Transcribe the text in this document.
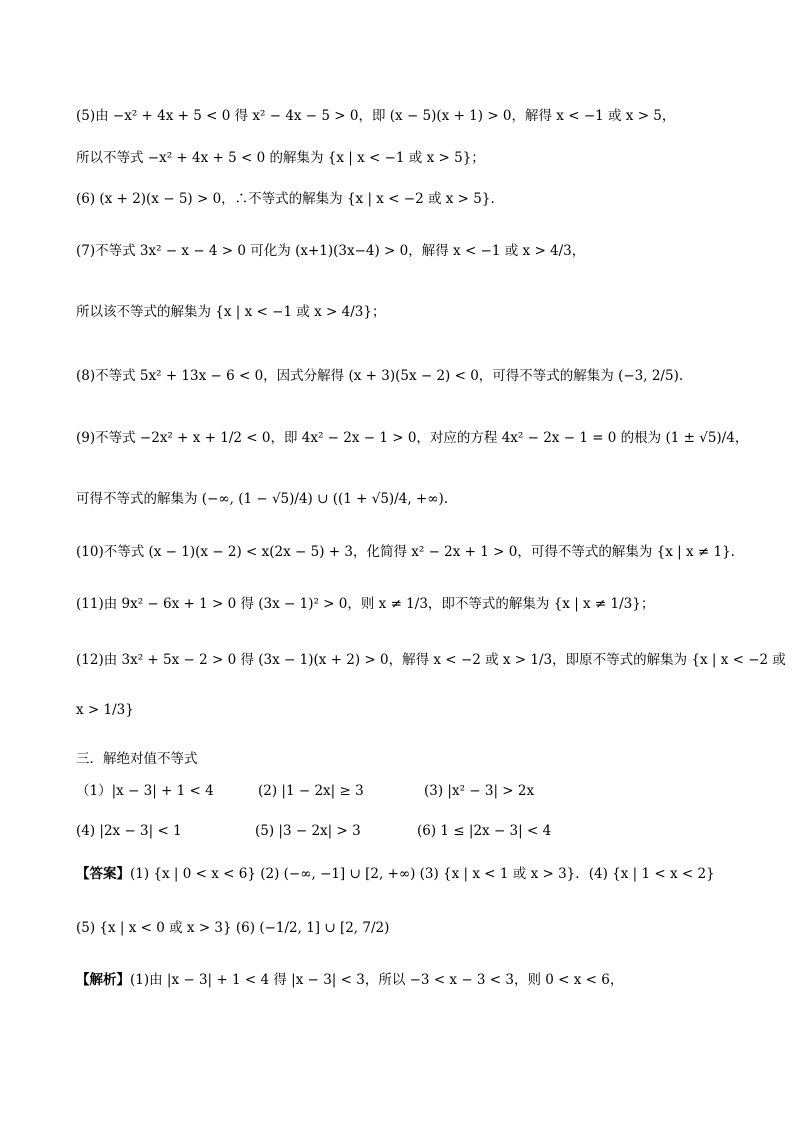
(5)由 −x² + 4x + 5 < 0 得 x² − 4x − 5 > 0，即 (x − 5)(x + 1) > 0，解得 x < −1 或 x > 5，
所以不等式 −x² + 4x + 5 < 0 的解集为 {x | x < −1 或 x > 5}；
(6) (x + 2)(x − 5) > 0，∴不等式的解集为 {x | x < −2 或 x > 5}.
(7)不等式 3x² − x − 4 > 0 可化为 (x+1)(3x−4) > 0，解得 x < −1 或 x > 4/3，
所以该不等式的解集为 {x | x < −1 或 x > 4/3}；
(8)不等式 5x² + 13x − 6 < 0，因式分解得 (x + 3)(5x − 2) < 0，可得不等式的解集为 (−3, 2/5).
(9)不等式 −2x² + x + 1/2 < 0，即 4x² − 2x − 1 > 0，对应的方程 4x² − 2x − 1 = 0 的根为 (1 ± √5)/4，
可得不等式的解集为 (−∞, (1 − √5)/4) ∪ ((1 + √5)/4, +∞).
(10)不等式 (x − 1)(x − 2) < x(2x − 5) + 3，化简得 x² − 2x + 1 > 0，可得不等式的解集为 {x | x ≠ 1}.
(11)由 9x² − 6x + 1 > 0 得 (3x − 1)² > 0，则 x ≠ 1/3，即不等式的解集为 {x | x ≠ 1/3}；
(12)由 3x² + 5x − 2 > 0 得 (3x − 1)(x + 2) > 0，解得 x < −2 或 x > 1/3，即原不等式的解集为 {x | x < −2 或
x > 1/3}
三．解绝对值不等式
（1）|x − 3| + 1 < 4	(2) |1 − 2x| ≥ 3	(3) |x² − 3| > 2x
(4) |2x − 3| < 1	(5) |3 − 2x| > 3	(6) 1 ≤ |2x − 3| < 4
【答案】(1) {x | 0 < x < 6} (2) (−∞, −1] ∪ [2, +∞) (3) {x | x < 1 或 x > 3}．(4) {x | 1 < x < 2}
(5) {x | x < 0 或 x > 3} (6) (−1/2, 1] ∪ [2, 7/2)
【解析】(1)由 |x − 3| + 1 < 4 得 |x − 3| < 3，所以 −3 < x − 3 < 3，则 0 < x < 6，
